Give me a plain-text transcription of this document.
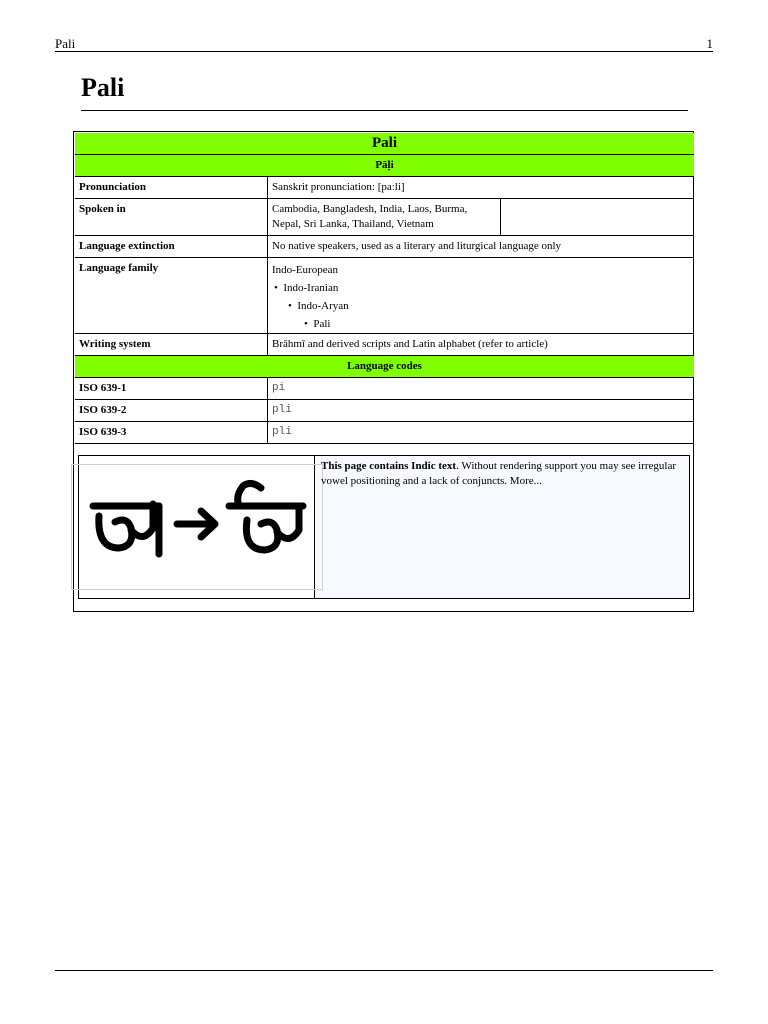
Pali	1
Pali
Pali
Pāḷi
Pronunciation	Sanskrit pronunciation: [paːli]
Spoken in	Cambodia, Bangladesh, India, Laos, Burma,
Nepal, Sri Lanka, Thailand, Vietnam
Language extinction	No native speakers, used as a literary and liturgical language only
Language family	Indo-European
•  Indo-Iranian
•  Indo-Aryan
•  Pali
Writing system	Brāhmī and derived scripts and Latin alphabet (refer to article)
Language codes
ISO 639-1	pi
ISO 639-2	pli
ISO 639-3	pli
This page contains Indic text. Without rendering support you may see irregular vowel positioning and a lack of conjuncts. More...
